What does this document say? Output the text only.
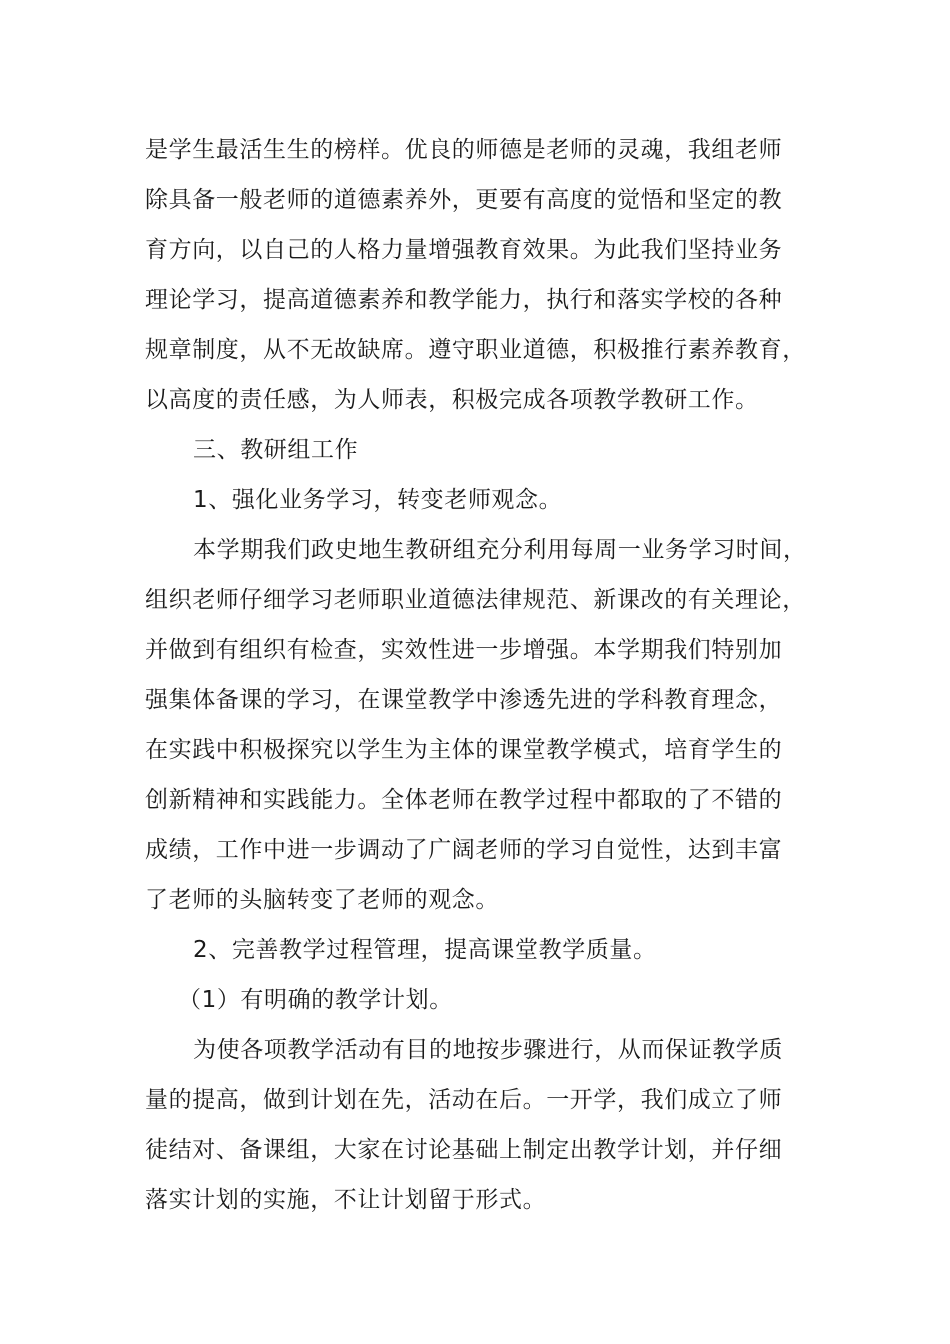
是学生最活生生的榜样。优良的师德是老师的灵魂，我组老师
除具备一般老师的道德素养外，更要有高度的觉悟和坚定的教
育方向，以自己的人格力量增强教育效果。为此我们坚持业务
理论学习，提高道德素养和教学能力，执行和落实学校的各种
规章制度，从不无故缺席。遵守职业道德，积极推行素养教育，
以高度的责任感，为人师表，积极完成各项教学教研工作。
三、教研组工作
1、强化业务学习，转变老师观念。
本学期我们政史地生教研组充分利用每周一业务学习时间，
组织老师仔细学习老师职业道德法律规范、新课改的有关理论，
并做到有组织有检查，实效性进一步增强。本学期我们特别加
强集体备课的学习，在课堂教学中渗透先进的学科教育理念，
在实践中积极探究以学生为主体的课堂教学模式，培育学生的
创新精神和实践能力。全体老师在教学过程中都取的了不错的
成绩，工作中进一步调动了广阔老师的学习自觉性，达到丰富
了老师的头脑转变了老师的观念。
2、完善教学过程管理，提高课堂教学质量。
（1）有明确的教学计划。
为使各项教学活动有目的地按步骤进行，从而保证教学质
量的提高，做到计划在先，活动在后。一开学，我们成立了师
徒结对、备课组，大家在讨论基础上制定出教学计划，并仔细
落实计划的实施，不让计划留于形式。
